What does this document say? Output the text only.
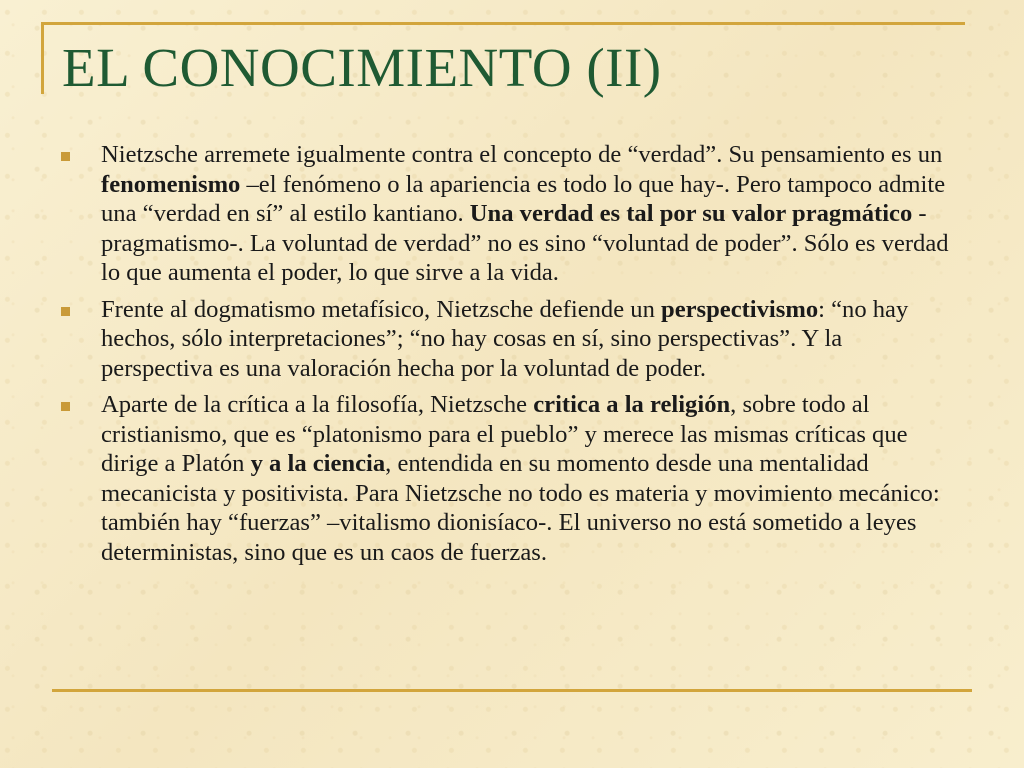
EL CONOCIMIENTO (II)
Nietzsche arremete igualmente contra el concepto de “verdad”. Su pensamiento es un fenomenismo –el fenómeno o la apariencia es todo lo que hay-. Pero tampoco admite una “verdad en sí” al estilo kantiano. Una verdad es tal por su valor pragmático -pragmatismo-. La voluntad de verdad” no es sino “voluntad de poder”. Sólo es verdad lo que aumenta el poder, lo que sirve a la vida.
Frente al dogmatismo metafísico, Nietzsche defiende un perspectivismo: “no hay hechos, sólo interpretaciones”; “no hay cosas en sí, sino perspectivas”. Y la perspectiva es una valoración hecha por la voluntad de poder.
Aparte de la crítica a la filosofía, Nietzsche critica a la religión, sobre todo al cristianismo, que es “platonismo para el pueblo” y merece las mismas críticas que dirige a Platón y a la ciencia, entendida en su momento desde una mentalidad mecanicista y positivista. Para Nietzsche no todo es materia y movimiento mecánico: también hay “fuerzas” –vitalismo dionisíaco-. El universo no está sometido a leyes deterministas, sino que es un caos de fuerzas.
